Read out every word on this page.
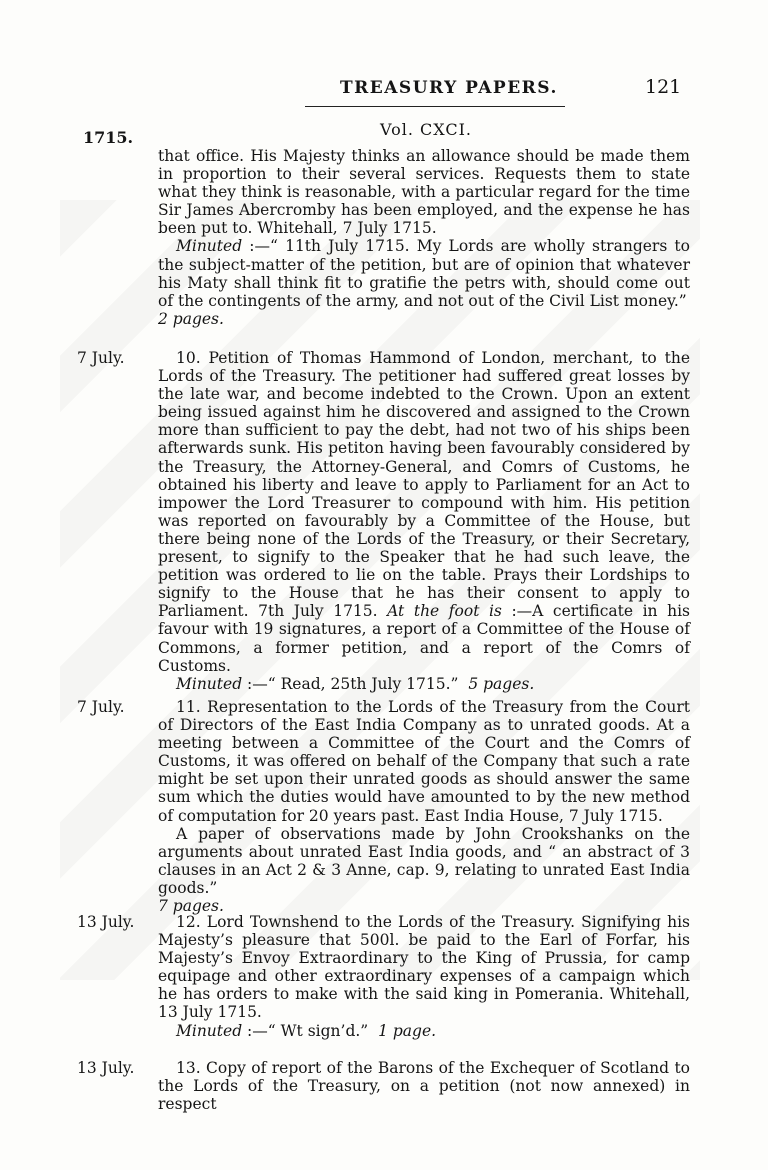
TREASURY PAPERS.	121
1715.	Vol. CXCI.

that office. His Majesty thinks an allowance should be made them in proportion to their several services. Requests them to state what they think is reasonable, with a particular regard for the time Sir James Abercromby has been employed, and the expense he has been put to. Whitehall, 7 July 1715.

Minuted :—“ 11th July 1715. My Lords are wholly strangers to the subject-matter of the petition, but are of opinion that whatever his Maty shall think fit to gratifie the petrs with, should come out of the contingents of the army, and not out of the Civil List money.”

2 pages.

7 July.	10. Petition of Thomas Hammond of London, merchant, to the Lords of the Treasury. The petitioner had suffered great losses by the late war, and become indebted to the Crown. Upon an extent being issued against him he discovered and assigned to the Crown more than sufficient to pay the debt, had not two of his ships been afterwards sunk. His petiton having been favourably considered by the Treasury, the Attorney-General, and Comrs of Customs, he obtained his liberty and leave to apply to Parliament for an Act to impower the Lord Treasurer to compound with him. His petition was reported on favourably by a Committee of the House, but there being none of the Lords of the Treasury, or their Secretary, present, to signify to the Speaker that he had such leave, the petition was ordered to lie on the table. Prays their Lordships to signify to the House that he has their consent to apply to Parliament. 7th July 1715. At the foot is :—A certificate in his favour with 19 signatures, a report of a Committee of the House of Commons, a former petition, and a report of the Comrs of Customs.

Minuted :—“ Read, 25th July 1715.” 5 pages.

7 July.	11. Representation to the Lords of the Treasury from the Court of Directors of the East India Company as to unrated goods. At a meeting between a Committee of the Court and the Comrs of Customs, it was offered on behalf of the Company that such a rate might be set upon their unrated goods as should answer the same sum which the duties would have amounted to by the new method of computation for 20 years past. East India House, 7 July 1715.

A paper of observations made by John Crookshanks on the arguments about unrated East India goods, and “ an abstract of 3 clauses in an Act 2 & 3 Anne, cap. 9, relating to unrated East India goods.”

7 pages.

13 July.	12. Lord Townshend to the Lords of the Treasury. Signifying his Majesty’s pleasure that 500l. be paid to the Earl of Forfar, his Majesty’s Envoy Extraordinary to the King of Prussia, for camp equipage and other extraordinary expenses of a campaign which he has orders to make with the said king in Pomerania. Whitehall, 13 July 1715.

Minuted :—“ Wt sign’d.” 1 page.

13 July.	13. Copy of report of the Barons of the Exchequer of Scotland to the Lords of the Treasury, on a petition (not now annexed) in respect
